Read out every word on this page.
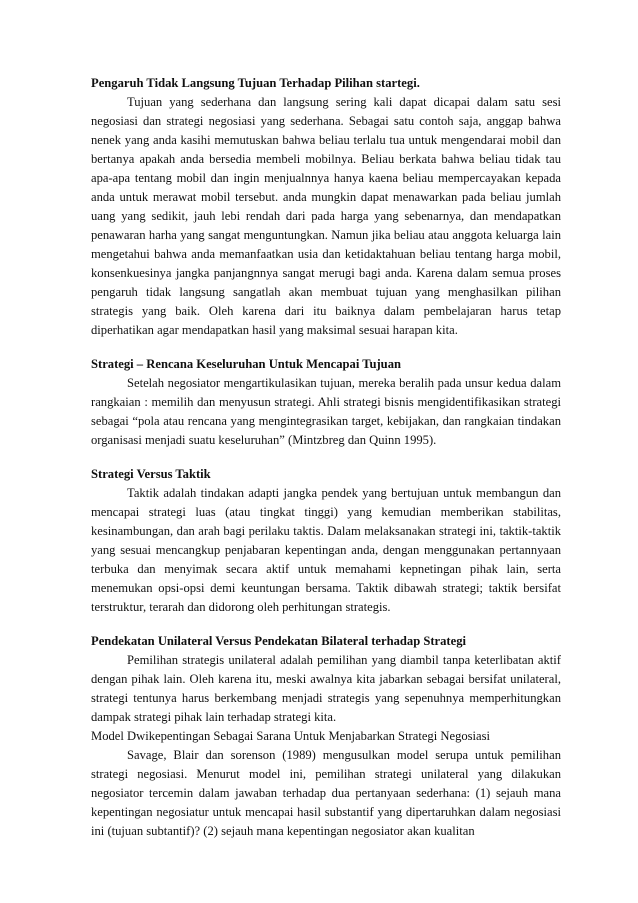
Pengaruh Tidak Langsung Tujuan Terhadap Pilihan startegi.

Tujuan yang sederhana dan langsung sering kali dapat dicapai dalam satu sesi negosiasi dan strategi negosiasi yang sederhana. Sebagai satu contoh saja, anggap bahwa nenek yang anda kasihi memutuskan bahwa beliau terlalu tua untuk mengendarai mobil dan bertanya apakah anda bersedia membeli mobilnya. Beliau berkata bahwa beliau tidak tau apa-apa tentang mobil dan ingin menjualnnya hanya kaena beliau mempercayakan kepada anda untuk merawat mobil tersebut. anda mungkin dapat menawarkan pada beliau jumlah uang yang sedikit, jauh lebi rendah dari pada harga yang sebenarnya, dan mendapatkan penawaran harha yang sangat menguntungkan. Namun jika beliau atau anggota keluarga lain mengetahui bahwa anda memanfaatkan usia dan ketidaktahuan beliau tentang harga mobil, konsenkuesinya jangka panjangnnya sangat merugi bagi anda. Karena dalam semua proses pengaruh tidak langsung sangatlah akan membuat tujuan yang menghasilkan pilihan strategis yang baik. Oleh karena dari itu baiknya dalam pembelajaran harus tetap diperhatikan agar mendapatkan hasil yang maksimal sesuai harapan kita.

Strategi – Rencana Keseluruhan Untuk Mencapai Tujuan

Setelah negosiator mengartikulasikan tujuan, mereka beralih pada unsur kedua dalam rangkaian : memilih dan menyusun strategi. Ahli strategi bisnis mengidentifikasikan strategi sebagai “pola atau rencana yang mengintegrasikan target, kebijakan, dan rangkaian tindakan organisasi menjadi suatu keseluruhan” (Mintzbreg dan Quinn 1995).

Strategi Versus Taktik

Taktik adalah tindakan adapti jangka pendek yang bertujuan untuk membangun dan mencapai strategi luas (atau tingkat tinggi) yang kemudian memberikan stabilitas, kesinambungan, dan arah bagi perilaku taktis. Dalam melaksanakan strategi ini, taktik-taktik yang sesuai mencangkup penjabaran kepentingan anda, dengan menggunakan pertannyaan terbuka dan menyimak secara aktif untuk memahami kepnetingan pihak lain, serta menemukan opsi-opsi demi keuntungan bersama. Taktik dibawah strategi; taktik bersifat terstruktur, terarah dan didorong oleh perhitungan strategis.

Pendekatan Unilateral Versus Pendekatan Bilateral terhadap Strategi

Pemilihan strategis unilateral adalah pemilihan yang diambil tanpa keterlibatan aktif dengan pihak lain. Oleh karena itu, meski awalnya kita jabarkan sebagai bersifat unilateral, strategi tentunya harus berkembang menjadi strategis yang sepenuhnya memperhitungkan dampak strategi pihak lain terhadap strategi kita.

Model Dwikepentingan Sebagai Sarana Untuk Menjabarkan Strategi Negosiasi

Savage, Blair dan sorenson (1989) mengusulkan model serupa untuk pemilihan strategi negosiasi. Menurut model ini, pemilihan strategi unilateral yang dilakukan negosiator tercemin dalam jawaban terhadap dua pertanyaan sederhana: (1) sejauh mana kepentingan negosiatur untuk mencapai hasil substantif yang dipertaruhkan dalam negosiasi ini (tujuan subtantif)? (2) sejauh mana kepentingan negosiator akan kualitan
